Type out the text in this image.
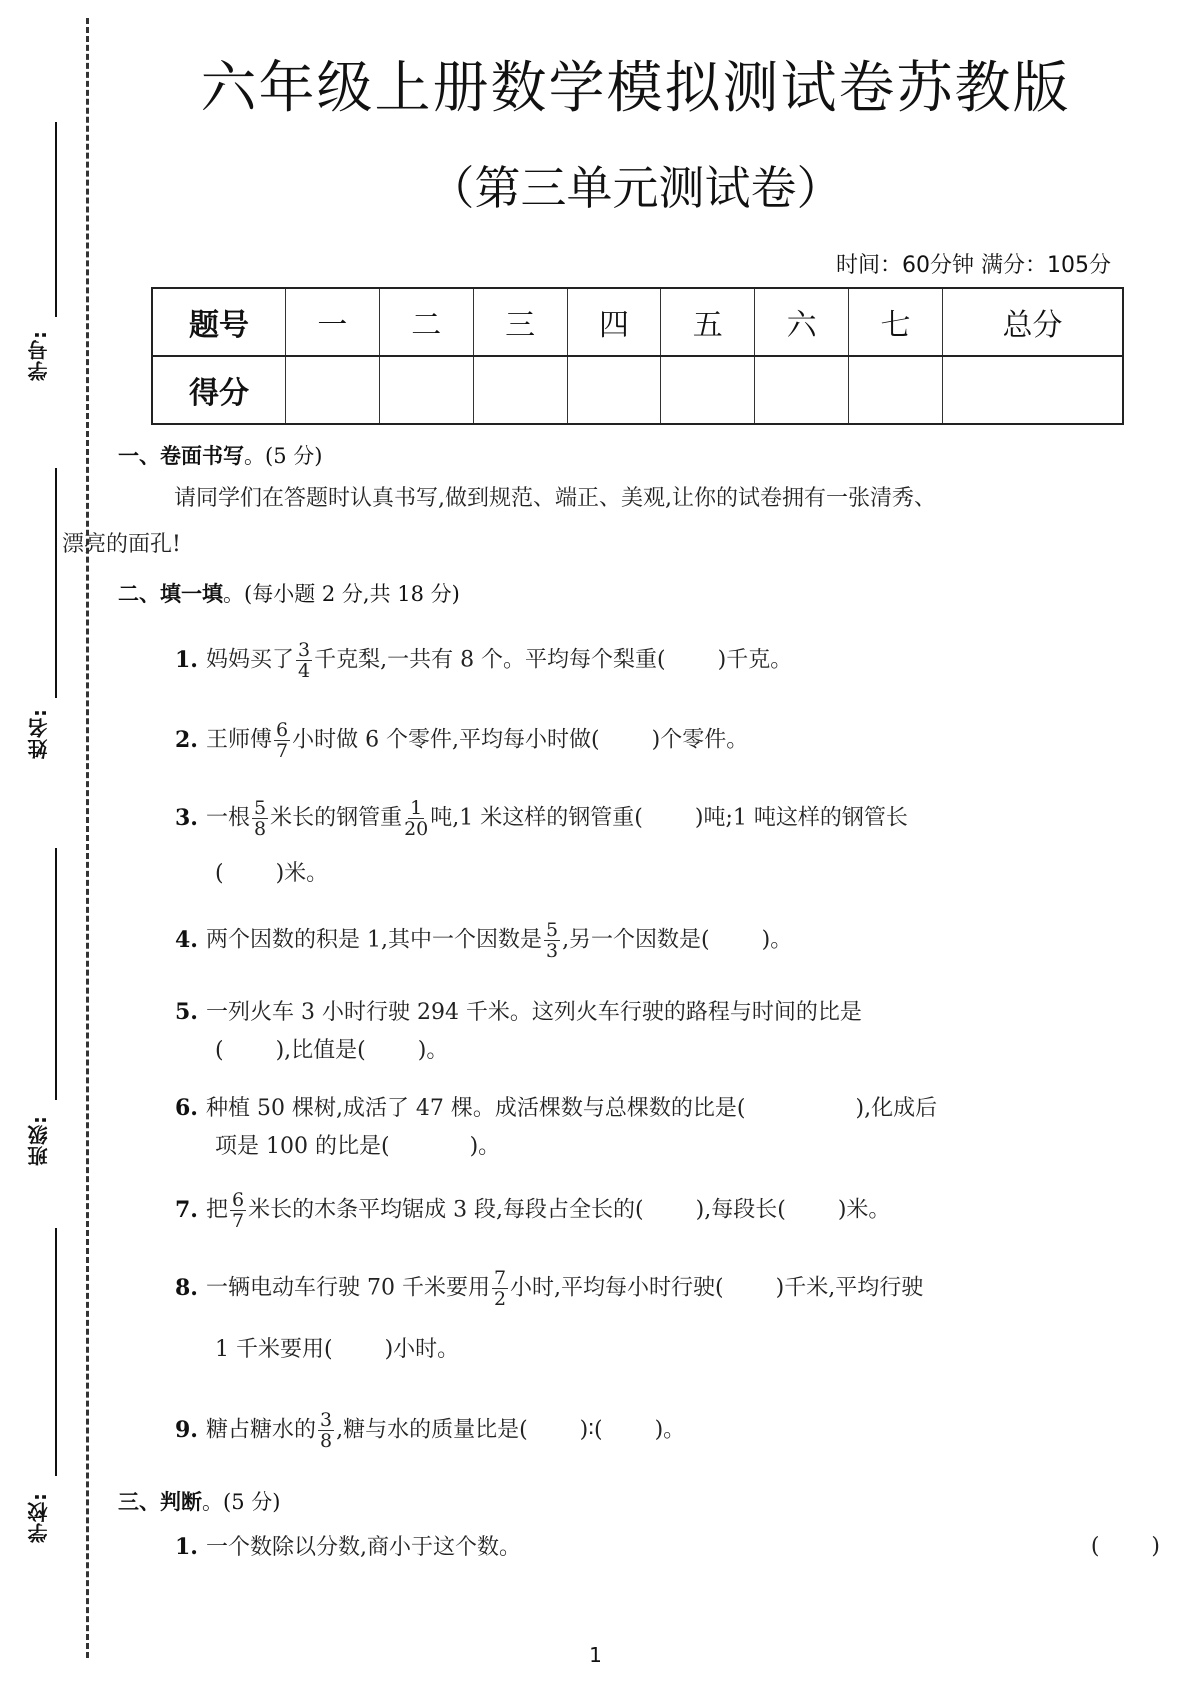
学号:
姓名:
班级:
学校:
六年级上册数学模拟测试卷苏教版
（第三单元测试卷）
时间：60分钟 满分：105分
题号	一	二	三	四	五	六	七	总分
得分								
一、卷面书写。(5 分)
请同学们在答题时认真书写,做到规范、端正、美观,让你的试卷拥有一张清秀、
漂亮的面孔!
二、填一填。(每小题 2 分,共 18 分)
1. 妈妈买了 $\frac{3}{4}$ 千克梨,一共有 8 个。平均每个梨重( )千克。
2. 王师傅 $\frac{6}{7}$ 小时做 6 个零件,平均每小时做( )个零件。
3. 一根 $\frac{5}{8}$ 米长的钢管重 $\frac{1}{20}$ 吨,1 米这样的钢管重( )吨;1 吨这样的钢管长
( )米。
4. 两个因数的积是 1,其中一个因数是 $\frac{5}{3}$ ,另一个因数是( )。
5. 一列火车 3 小时行驶 294 千米。这列火车行驶的路程与时间的比是
( ),比值是( )。
6. 种植 50 棵树,成活了 47 棵。成活棵数与总棵数的比是(	),化成后
项是 100 的比是(	)。
7. 把 $\frac{6}{7}$ 米长的木条平均锯成 3 段,每段占全长的( ),每段长( )米。
8. 一辆电动车行驶 70 千米要用 $\frac{7}{2}$ 小时,平均每小时行驶( )千米,平均行驶
1 千米要用( )小时。
9. 糖占糖水的 $\frac{3}{8}$ ,糖与水的质量比是( )∶( )。
三、判断。(5 分)
1. 一个数除以分数,商小于这个数。	( )
1
